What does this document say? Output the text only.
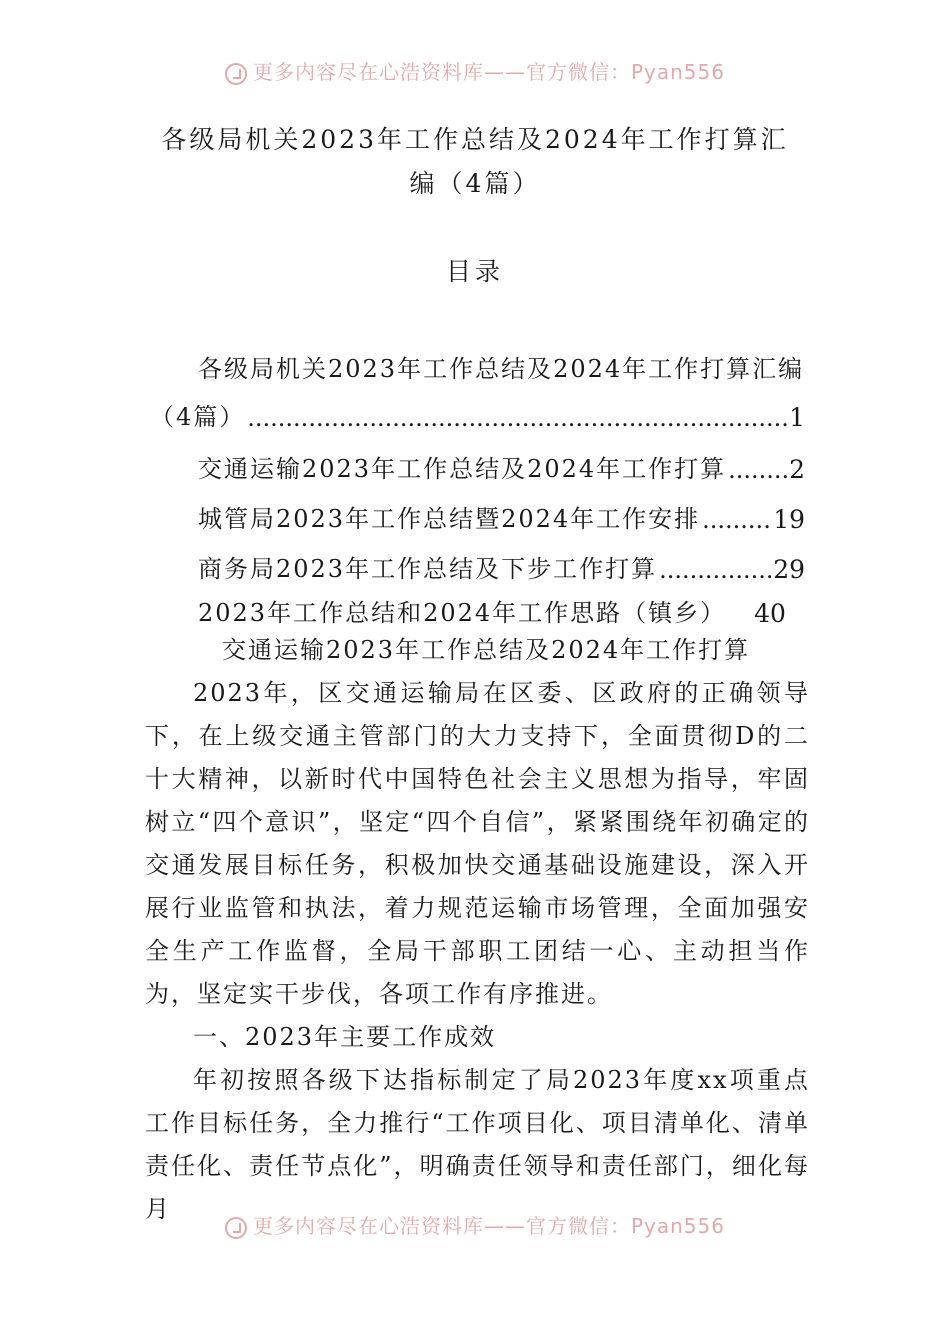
更多内容尽在心浩资料库——官方微信：Pyan556
各级局机关2023年工作总结及2024年工作打算汇编（4篇）
目录
各级局机关2023年工作总结及2024年工作打算汇编
（4篇） .....	1
交通运输2023年工作总结及2024年工作打算 .....	2
城管局2023年工作总结暨2024年工作安排 .....	19
商务局2023年工作总结及下步工作打算 .....	29
2023年工作总结和2024年工作思路（镇乡） 40
交通运输2023年工作总结及2024年工作打算

2023年，区交通运输局在区委、区政府的正确领导下，在上级交通主管部门的大力支持下，全面贯彻D的二十大精神，以新时代中国特色社会主义思想为指导，牢固树立“四个意识”，坚定“四个自信”，紧紧围绕年初确定的交通发展目标任务，积极加快交通基础设施建设，深入开展行业监管和执法，着力规范运输市场管理，全面加强安全生产工作监督，全局干部职工团结一心、主动担当作为，坚定实干步伐，各项工作有序推进。

一、2023年主要工作成效

年初按照各级下达指标制定了局2023年度xx项重点工作目标任务，全力推行“工作项目化、项目清单化、清单责任化、责任节点化”，明确责任领导和责任部门，细化每月

更多内容尽在心浩资料库——官方微信：Pyan556
